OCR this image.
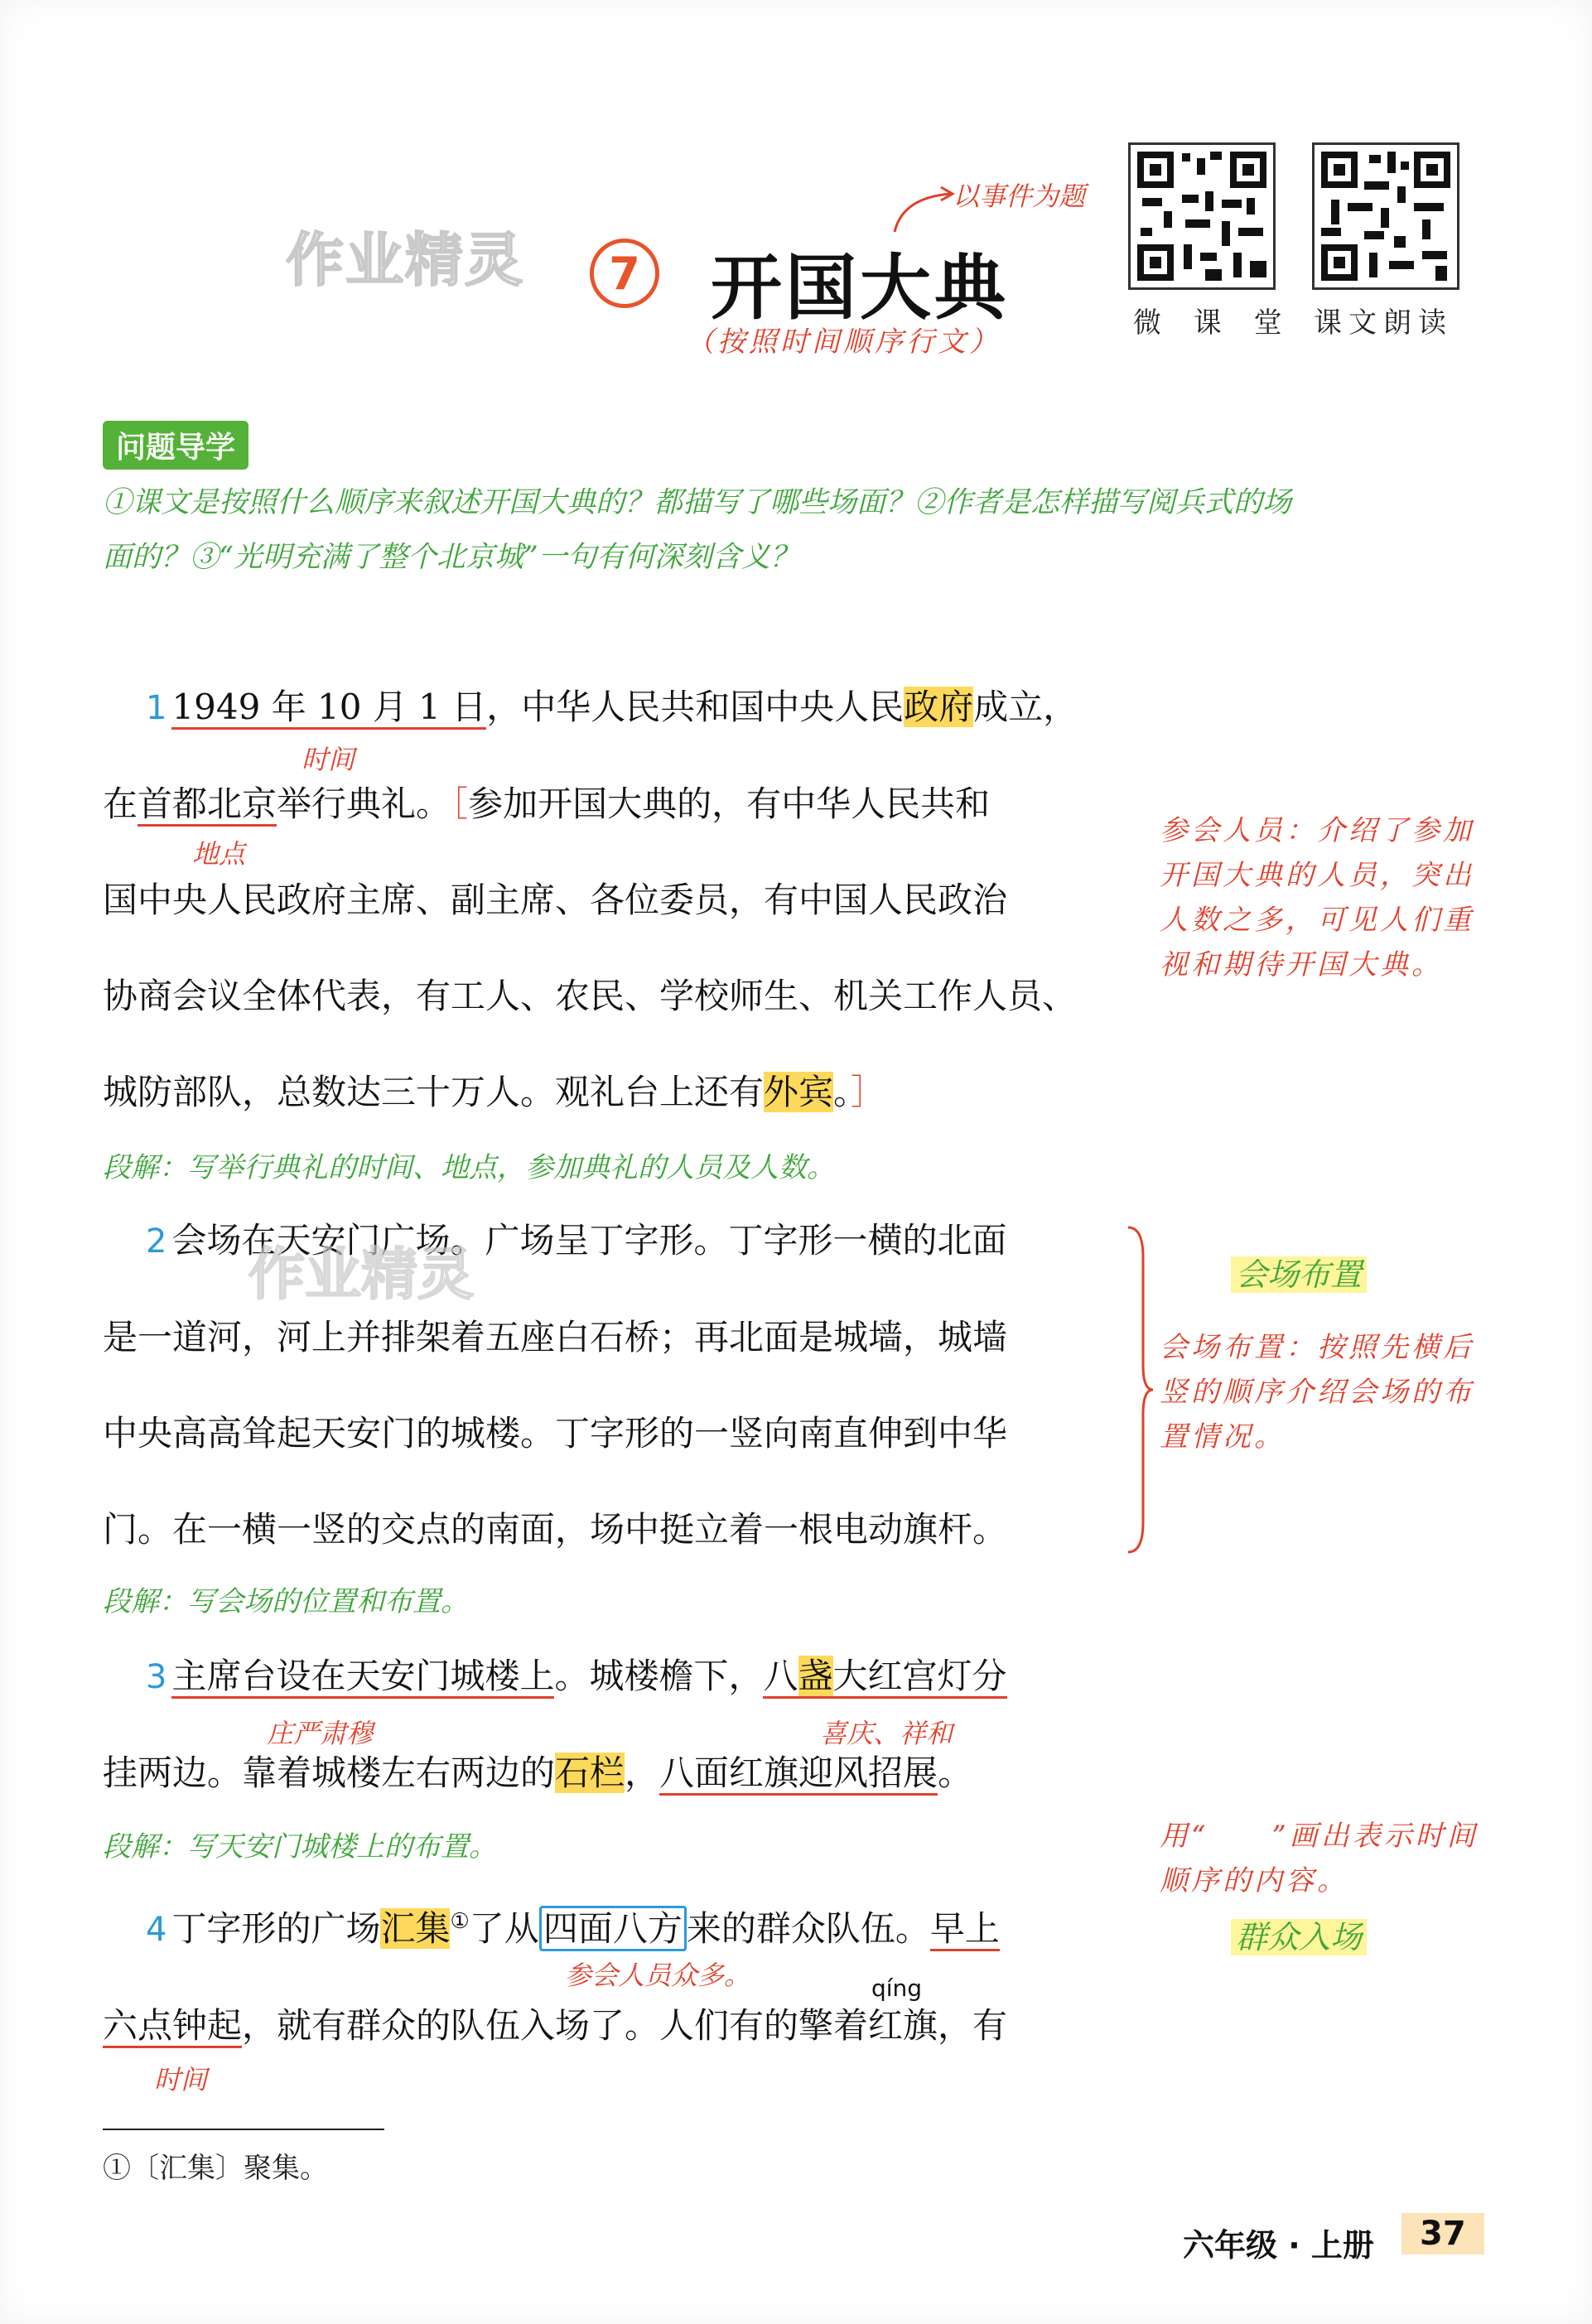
作业精灵	7 开国大典
以事件为题
（按照时间顺序行文）
微 课 堂 课文朗读
问题导学
①课文是按照什么顺序来叙述开国大典的？都描写了哪些场面？②作者是怎样描写阅兵式的场
面的？③“光明充满了整个北京城”一句有何深刻含义？
1 1949 年 10 月 1 日，中华人民共和国中央人民政府成立，
在首都北京举行典礼。［参加开国大典的，有中华人民共和
国中央人民政府主席、副主席、各位委员，有中国人民政治
协商会议全体代表，有工人、农民、学校师生、机关工作人员、
城防部队，总数达三十万人。观礼台上还有外宾。］
时间
地点
参会人员：介绍了参加开国大典的人员，突出人数之多，可见人们重视和期待开国大典。
段解：写举行典礼的时间、地点，参加典礼的人员及人数。
2 会场在天安门广场。广场呈丁字形。丁字形一横的北面
是一道河，河上并排架着五座白石桥；再北面是城墙，城墙
中央高高耸起天安门的城楼。丁字形的一竖向南直伸到中华
门。在一横一竖的交点的南面，场中挺立着一根电动旗杆。
作业精灵	会场布置
会场布置：按照先横后竖的顺序介绍会场的布置情况。
段解：写会场的位置和布置。
3 主席台设在天安门城楼上。城楼檐下，八盏大红宫灯分
挂两边。靠着城楼左右两边的石栏，八面红旗迎风招展。
庄严肃穆	喜庆、祥和
段解：写天安门城楼上的布置。
4 丁字形的广场汇集①了从 四面八方 来的群众队伍。早上
六点钟起，就有群众的队伍入场了。人们有的擎着红旗，有
qíng
参会人员众多。
时间
用“　　”画出表示时间顺序的内容。
群众入场
①〔汇集〕聚集。
六年级 · 上册	37
